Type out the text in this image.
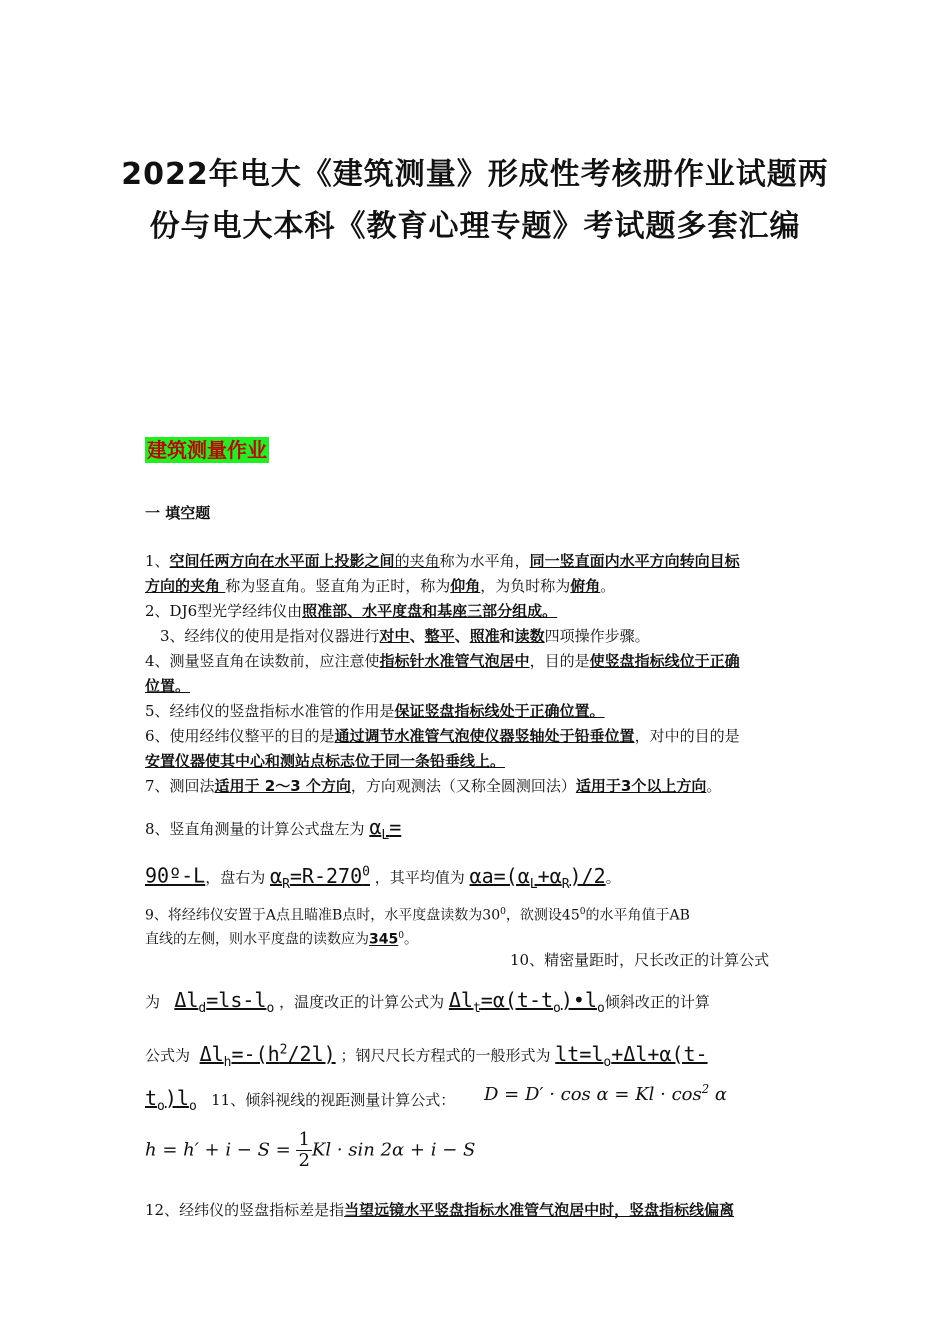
2022年电大《建筑测量》形成性考核册作业试题两
份与电大本科《教育心理专题》考试题多套汇编
建筑测量作业
一 填空题
1、空间任两方向在水平面上投影之间的夹角称为水平角，同一竖直面内水平方向转向目标
方向的夹角 称为竖直角。竖直角为正时，称为仰角，为负时称为俯角。
2、DJ6型光学经纬仪由照准部、水平度盘和基座三部分组成。
3、经纬仪的使用是指对仪器进行对中、整平、照准和读数四项操作步骤。
4、测量竖直角在读数前，应注意使指标针水准管气泡居中，目的是使竖盘指标线位于正确
位置。
5、经纬仪的竖盘指标水准管的作用是保证竖盘指标线处于正确位置。
6、使用经纬仪整平的目的是通过调节水准管气泡使仪器竖轴处于铅垂位置，对中的目的是
安置仪器使其中心和测站点标志位于同一条铅垂线上。
7、测回法适用于 2～3 个方向，方向观测法（又称全圆测回法）适用于3个以上方向。
8、竖直角测量的计算公式盘左为 $\alpha_L=$
90º-L，盘右为 $\alpha_R=R-270^0$ ，其平均值为 $\alpha a=(\alpha_L+\alpha_R)/2$。
9、将经纬仪安置于A点且瞄准B点时，水平度盘读数为$30^0$，欲测设$45^0$的水平角值于AB
直线的左侧，则水平度盘的读数应为$345^0$。
10、精密量距时，尺长改正的计算公式
为 $\Delta l_d=ls-l_o$ ，温度改正的计算公式为 $\Delta l_t=\alpha(t-t_o)•l_o$倾斜改正的计算
公式为 $\Delta l_h=-(h^2/2l)$ ；钢尺尺长方程式的一般形式为 $lt=l_o+\Delta l+\alpha(t-$
$t_o)l_o$ 11、倾斜视线的视距测量计算公式： $D = D' \cdot \cos \alpha = Kl \cdot \cos^2 \alpha$
$h = h' + i - S = \frac{1}{2}$ Kl · sin 2α + i − S
12、经纬仪的竖盘指标差是指当望远镜水平竖盘指标水准管气泡居中时，竖盘指标线偏离
